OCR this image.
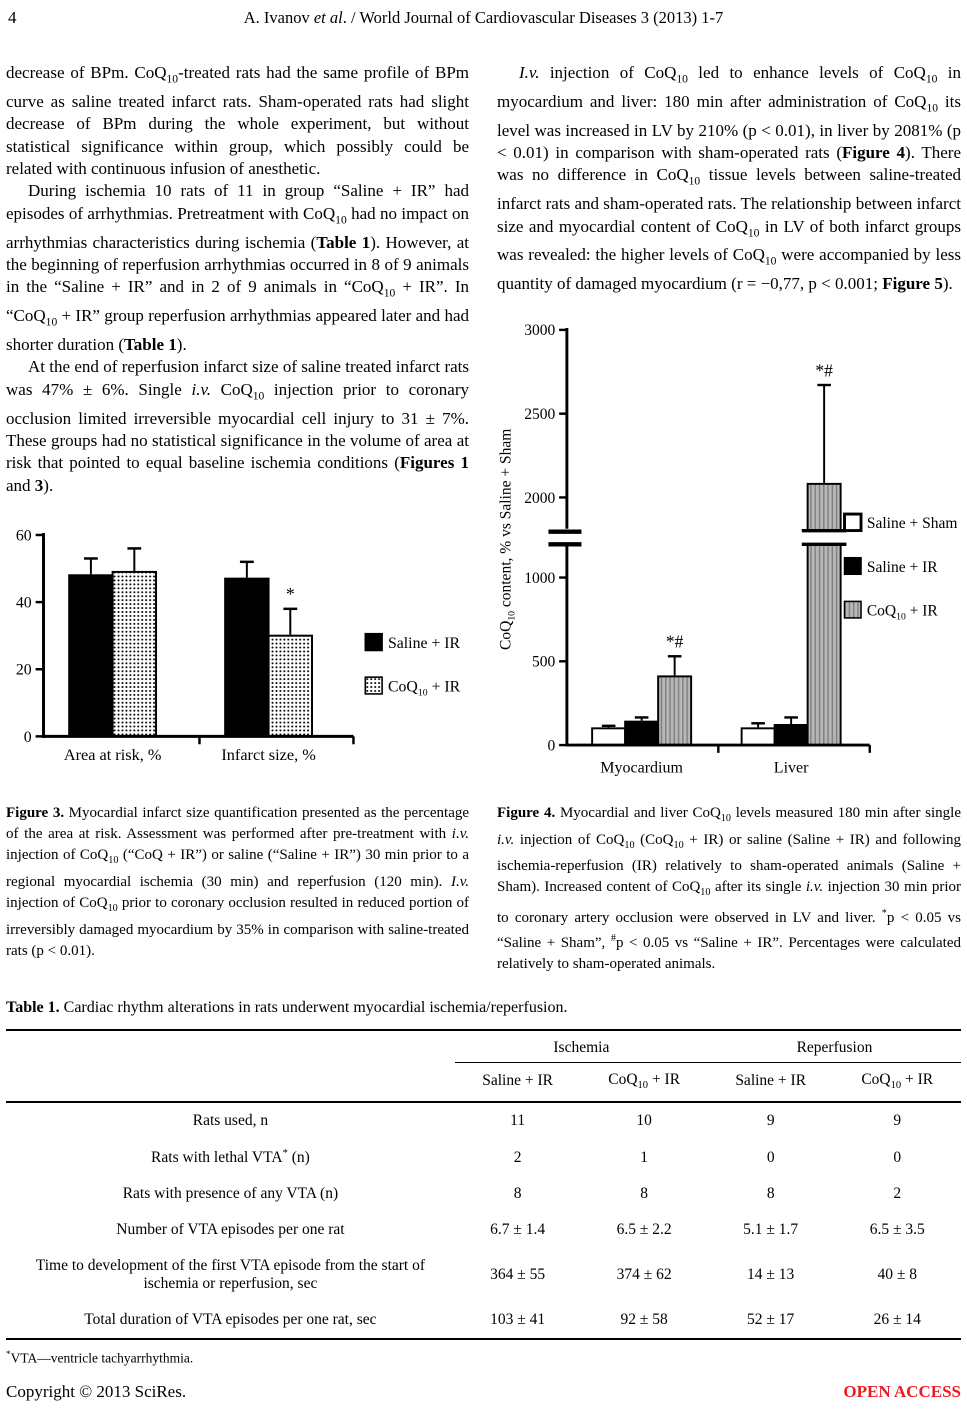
4	A. Ivanov et al. / World Journal of Cardiovascular Diseases 3 (2013) 1-7

decrease of BPm. CoQ$_{10}$-treated rats had the same profile of BPm curve as saline treated infarct rats. Sham-operated rats had slight decrease of BPm during the whole experiment, but without statistical significance within group, which possibly could be related with continuous infusion of anesthetic.

During ischemia 10 rats of 11 in group “Saline + IR” had episodes of arrhythmias. Pretreatment with CoQ$_{10}$ had no impact on arrhythmias characteristics during ischemia (Table 1). However, at the beginning of reperfusion arrhythmias occurred in 8 of 9 animals in the “Saline + IR” and in 2 of 9 animals in “CoQ$_{10}$ + IR”. In “CoQ$_{10}$ + IR” group reperfusion arrhythmias appeared later and had shorter duration (Table 1).

At the end of reperfusion infarct size of saline treated infarct rats was 47% ± 6%. Single i.v. CoQ$_{10}$ injection prior to coronary occlusion limited irreversible myocardial cell injury to 31 ± 7%. These groups had no statistical significance in the volume of area at risk that pointed to equal baseline ischemia conditions (Figures 1 and 3).

Area at risk, %
*
Infarct size, %
0
20
40
60
Saline + IR
CoQ$_{10}$ + IR
Figure 3. Myocardial infarct size quantification presented as the percentage of the area at risk. Assessment was performed after pre-treatment with i.v. injection of CoQ$_{10}$ (“CoQ + IR”) or saline (“Saline + IR”) 30 min prior to a regional myocardial ischemia (30 min) and reperfusion (120 min). I.v. injection of CoQ$_{10}$ prior to coronary occlusion resulted in reduced portion of irreversibly damaged myocardium by 35% in comparison with saline-treated rats (p < 0.01).

I.v. injection of CoQ$_{10}$ led to enhance levels of CoQ$_{10}$ in myocardium and liver: 180 min after administration of CoQ$_{10}$ its level was increased in LV by 210% (p < 0.01), in liver by 2081% (p < 0.01) in comparison with sham-operated rats (Figure 4). There was no difference in CoQ$_{10}$ tissue levels between saline-treated infarct rats and sham-operated rats. The relationship between infarct size and myocardial content of CoQ$_{10}$ in LV of both infarct groups was revealed: the higher levels of CoQ$_{10}$ were accompanied by less quantity of damaged myocardium (r = −0,77, p < 0.001; Figure 5).

*#
Myocardium
*#
Liver
0
500
1000
2000
2500
3000
CoQ$_{10}$ content, % vs Saline + Sham	Saline + Sham
Saline + IR
CoQ$_{10}$ + IR
Figure 4. Myocardial and liver CoQ$_{10}$ levels measured 180 min after single i.v. injection of CoQ$_{10}$ (CoQ$_{10}$ + IR) or saline (Saline + IR) and following ischemia-reperfusion (IR) relatively to sham-operated animals (Saline + Sham). Increased content of CoQ$_{10}$ after its single i.v. injection 30 min prior to coronary artery occlusion were observed in LV and liver. *p < 0.05 vs “Saline + Sham”, #p < 0.05 vs “Saline + IR”. Percentages were calculated relatively to sham-operated animals.
Table 1. Cardiac rhythm alterations in rats underwent myocardial ischemia/reperfusion.
	Ischemia		Reperfusion	
	Saline + IR	CoQ$_{10}$ + IR	Saline + IR	CoQ$_{10}$ + IR
Rats used, n	11	10	9	9
Rats with lethal VTA* (n)	2	1	0	0
Rats with presence of any VTA (n)	8	8	8	2
Number of VTA episodes per one rat	6.7 ± 1.4	6.5 ± 2.2	5.1 ± 1.7	6.5 ± 3.5
Time to development of the first VTA episode from the start of ischemia or reperfusion, sec	364 ± 55	374 ± 62	14 ± 13	40 ± 8
Total duration of VTA episodes per one rat, sec	103 ± 41	92 ± 58	52 ± 17	26 ± 14
*VTA—ventricle tachyarrhythmia.
Copyright © 2013 SciRes.	OPEN ACCESS
